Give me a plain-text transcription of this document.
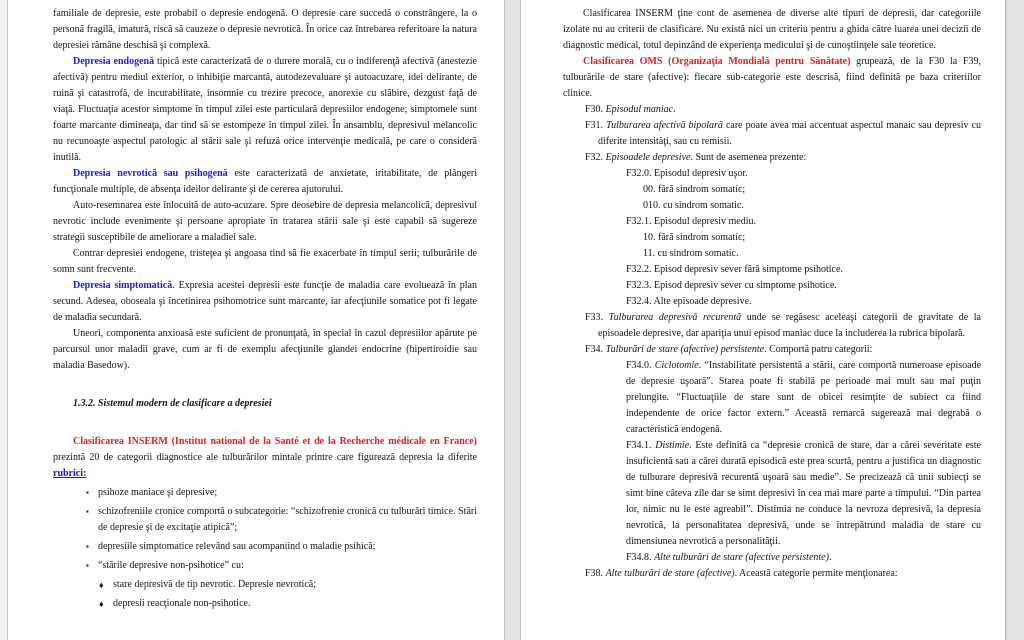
familiale de depresie, este probabil o depresie endogenă. O depresie care succedă o constrângere, la o personă fragilă, imatură, riscă să cauzeze o depresie nevrotică. În orice caz întrebarea referitoare la natura depresiei rămâne deschisă şi complexă.
Depresia endogenă tipică este caracterizată de o durere morală, cu o indiferenţă afectivă (anestezie afectivă) pentru mediul exterior, o inhibiţie marcantă, autodezevaluare şi autoacuzare, idei delirante, de ruină şi catastrofă, de incurabilitate, insomnie cu trezire precoce, anorexie cu slăbire, dezgust faţă de viaţă. Fluctuaţia acestor simptome în timpul zilei este particulară depresiilor endogene; simptomele sunt foarte marcante dimineaţa, dar tind să se estompeze în timpul zilei. În ansamblu, depresivul melancolic nu recunoaşte aspectul patologic al stării sale şi refuză orice intervenţie medicală, pe care o consideră inutilă.
Depresia nevrotică sau psihogenă este caracterizată de anxietate, iritabilitate, de plângeri funcţionale multiple, de absenţa ideilor delirante şi de cererea ajutorului.
Auto-resemnarea este înlocuită de auto-acuzare. Spre deosebire de depresia melancolică, depresivul nevrotic include evenimente şi persoane apropiate în tratarea stării sale şi este capabil să sugereze strategii susceptibile de ameliorare a maladiei sale.
Contrar depresiei endogene, tristeţea şi angoasa tind să fie exacerbate în timpul serii; tulburările de somn sunt frecvente.
Depresia simptomatică. Expresia acestei depresii este funcţie de maladia care evoluează în plan secund. Adesea, oboseala şi încetinirea psihomotrice sunt marcante, iar afecţiunile somatice pot fi legate de maladia secundară.
Uneori, componenta anxioasă este suficient de pronunţată, în special în cazul depresiilor apărute pe parcursul unor maladii grave, cum ar fi de exemplu afecţiunile glandei endocrine (hipertiroidie sau maladia Basedow).
1.3.2. Sistemul modern de clasificare a depresiei
Clasificarea INSERM (Institut national de la Santé et de la Recherche médicale en France) prezintă 20 de categorii diagnostice ale tulburărilor mintale printre care figurează depresia la diferite rubrici:
▪ psihoze maniace şi depresive;
▪ schizofreniile cronice comportă o subcategorie: “schizofrenie cronică cu tulburări timice. Stări de depresie şi de excitaţie atipică”;
▪ depresiile simptomatice relevând sau acompaniind o maladie psihică;
▪ “stările depresive non-psihotice” cu:
♦ stare depresivă de tip nevrotic. Depresie nevrotică;
♦ depresii reacţionale non-psihotice.
Clasificarea INSERM ţine cont de asemenea de diverse alte tipuri de depresii, dar categoriile izolate nu au criterii de clasificare. Nu există nici un criteriu pentru a ghida către luarea unei decizii de diagnostic medical, totul depinzând de experienţa medicului şi de cunoştiinţele sale teoretice.
Clasificarea OMS (Organizaţia Mondială pentru Sănătate) grupează, de la F30 la F39, tulburările de stare (afective): fiecare sub-categorie este descrisă, fiind definită pe baza criteriilor clinice.
F30. Episodul maniac.
F31. Tulburarea afectivă bipolară care poate avea mai accentuat aspectul manaic sau depresiv cu diferite intensităţi, sau cu remisii.
F32. Episoadele depresive. Sunt de asemenea prezente:
F32.0. Episodul depresiv uşor.
00. fără sindrom somatic;
010. cu sindrom somatic.
F32.1. Episodul depresiv mediu.
10. fără sindrom somatic;
11. cu sindrom somatic.
F32.2. Episod depresiv sever fără simptome psihotice.
F32.3. Episod depresiv sever cu simptome psihotice.
F32.4. Alte episoade depresive.
F33. Tulburarea depresivă recurentă unde se regăsesc aceleaşi categorii de gravitate de la episoadele depresive, dar apariţia unui episod maniac duce la includerea la rubrica bipolară.
F34. Tulburări de stare (afective) persistente. Comportă patru categorii:
F34.0. Ciclotomie. “Instabilitate persistentă a stării, care comportă numeroase episoade de depresie uşoară”. Starea poate fi stabilă pe perioade mai mult sau mai puţin prelungite. “Fluctuaţiile de stare sunt de obicei resimţite de subiect ca fiind independente de orice factor extern.” Această remarcă sugerează mai degrabă o caracteristică endogenă.
F34.1. Distimie. Este definită ca “depresie cronică de stare, dar a cărei severitate este insuficientă sau a cărei durată episodică este prea scurtă, pentru a justifica un diagnostic de tulburare depresivă recurentă uşoară sau medie”. Se precizează că unii subiecţi se simt bine câteva zile dar se simt depresivi în cea mai mare parte a timpului. “Din partea lor, nimic nu le este agreabil”. Distimia ne conduce la nevroza depresivă, la depresia nevrotică, la personalitatea depresivă, unde se întrepătrund maladia de stare cu dimensiunea nevrotică a personalităţii.
F34.8. Alte tulburări de stare (afective persistente).
F38. Alte tulburări de stare (afective). Această categorie permite menţionarea:
